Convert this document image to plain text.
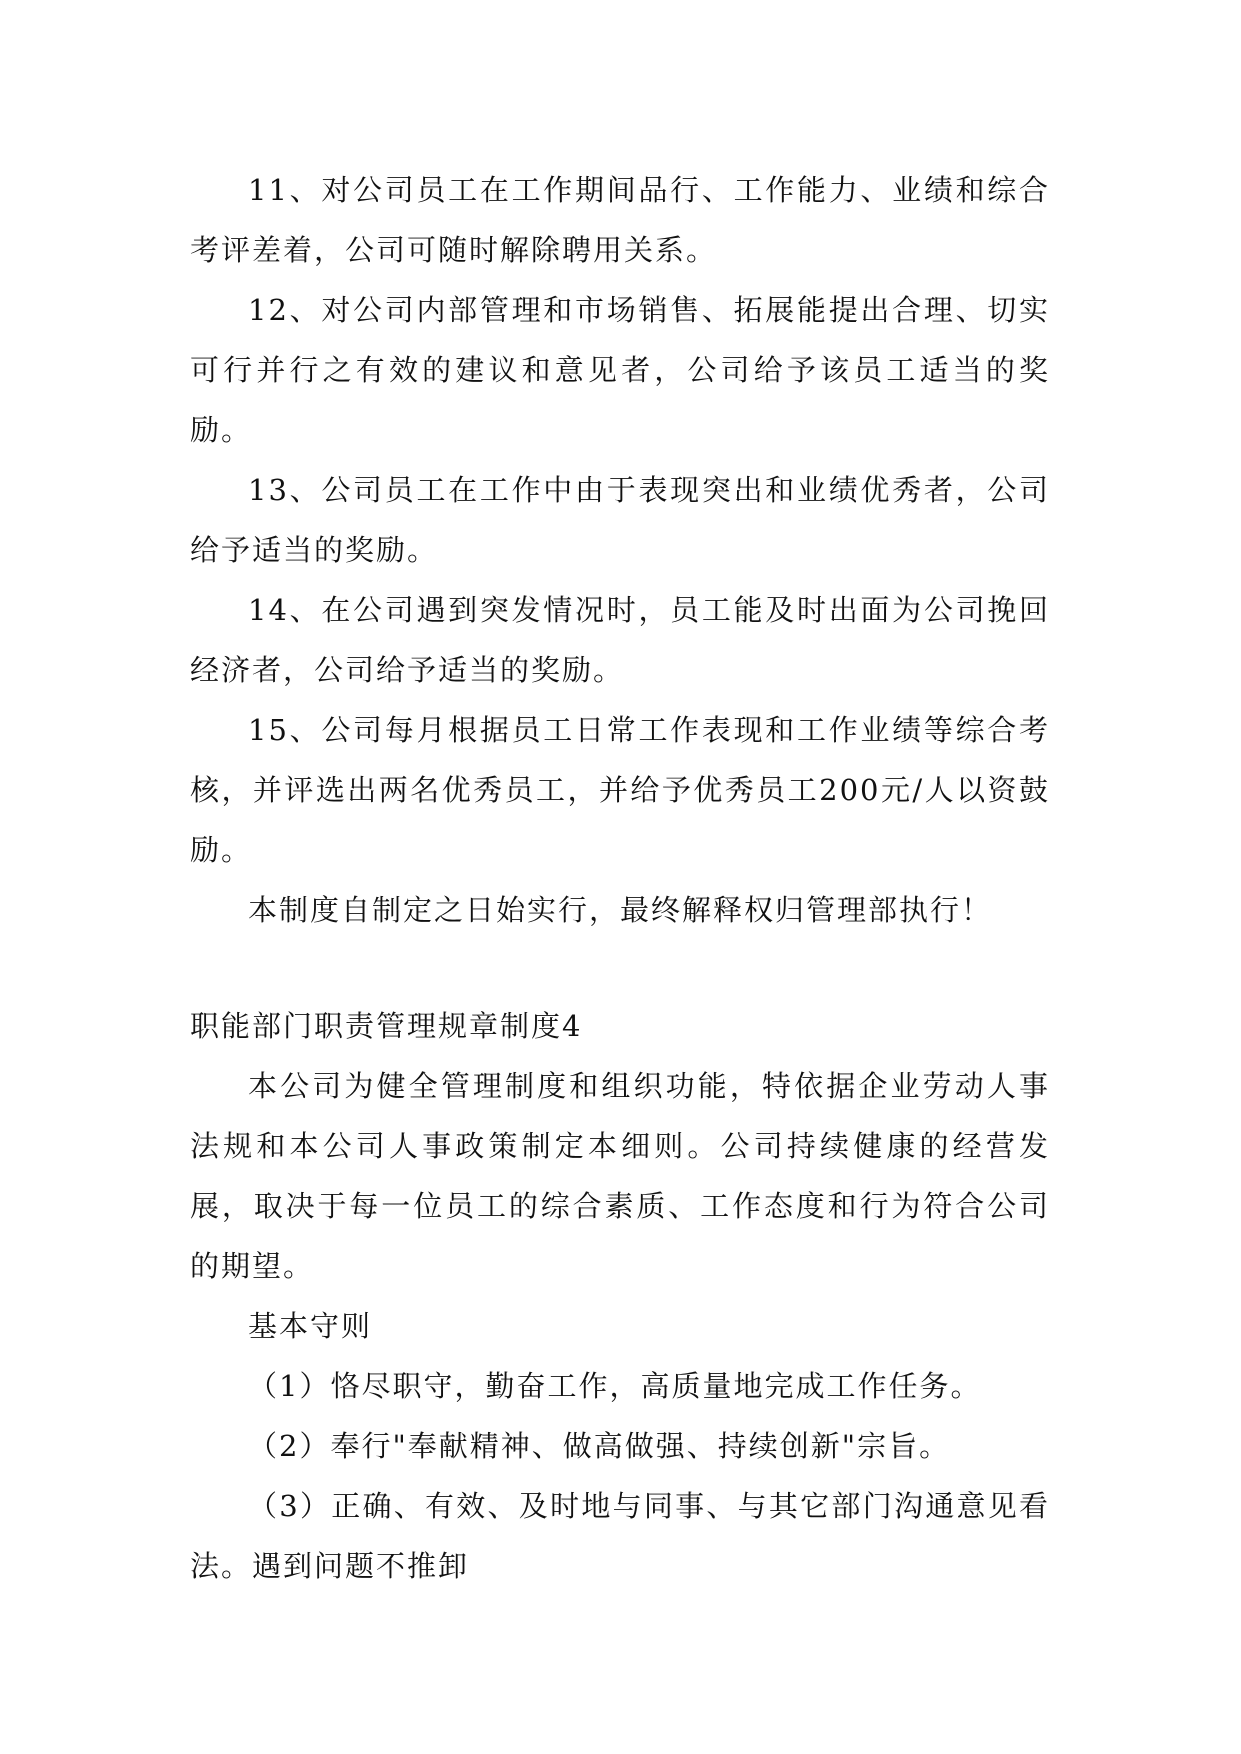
11、对公司员工在工作期间品行、工作能力、业绩和综合考评差着，公司可随时解除聘用关系。

12、对公司内部管理和市场销售、拓展能提出合理、切实可行并行之有效的建议和意见者，公司给予该员工适当的奖励。

13、公司员工在工作中由于表现突出和业绩优秀者，公司给予适当的奖励。

14、在公司遇到突发情况时，员工能及时出面为公司挽回经济者，公司给予适当的奖励。

15、公司每月根据员工日常工作表现和工作业绩等综合考核，并评选出两名优秀员工，并给予优秀员工200元/人以资鼓励。

本制度自制定之日始实行，最终解释权归管理部执行！

职能部门职责管理规章制度4

本公司为健全管理制度和组织功能，特依据企业劳动人事法规和本公司人事政策制定本细则。公司持续健康的经营发展，取决于每一位员工的综合素质、工作态度和行为符合公司的期望。

基本守则

（1）恪尽职守，勤奋工作，高质量地完成工作任务。

（2）奉行"奉献精神、做高做强、持续创新"宗旨。

（3）正确、有效、及时地与同事、与其它部门沟通意见看法。遇到问题不推卸
